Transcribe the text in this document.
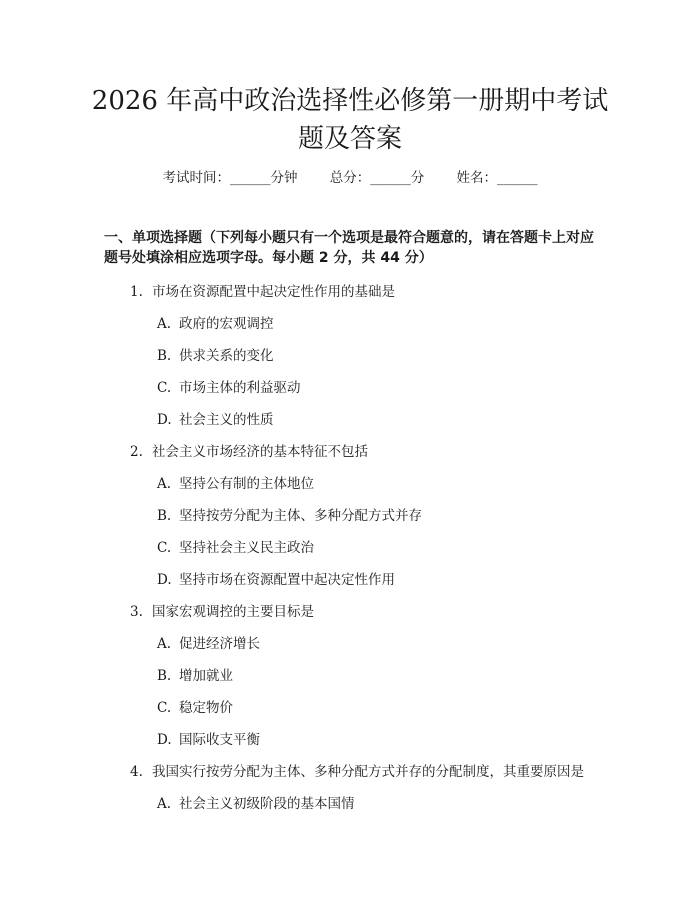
2026 年高中政治选择性必修第一册期中考试
题及答案
考试时间：______分钟 总分：______分 姓名：______
一、单项选择题（下列每小题只有一个选项是最符合题意的，请在答题卡上对应
题号处填涂相应选项字母。每小题 2 分，共 44 分）
1. 市场在资源配置中起决定性作用的基础是
A. 政府的宏观调控
B. 供求关系的变化
C. 市场主体的利益驱动
D. 社会主义的性质
2. 社会主义市场经济的基本特征不包括
A. 坚持公有制的主体地位
B. 坚持按劳分配为主体、多种分配方式并存
C. 坚持社会主义民主政治
D. 坚持市场在资源配置中起决定性作用
3. 国家宏观调控的主要目标是
A. 促进经济增长
B. 增加就业
C. 稳定物价
D. 国际收支平衡
4. 我国实行按劳分配为主体、多种分配方式并存的分配制度，其重要原因是
A. 社会主义初级阶段的基本国情
